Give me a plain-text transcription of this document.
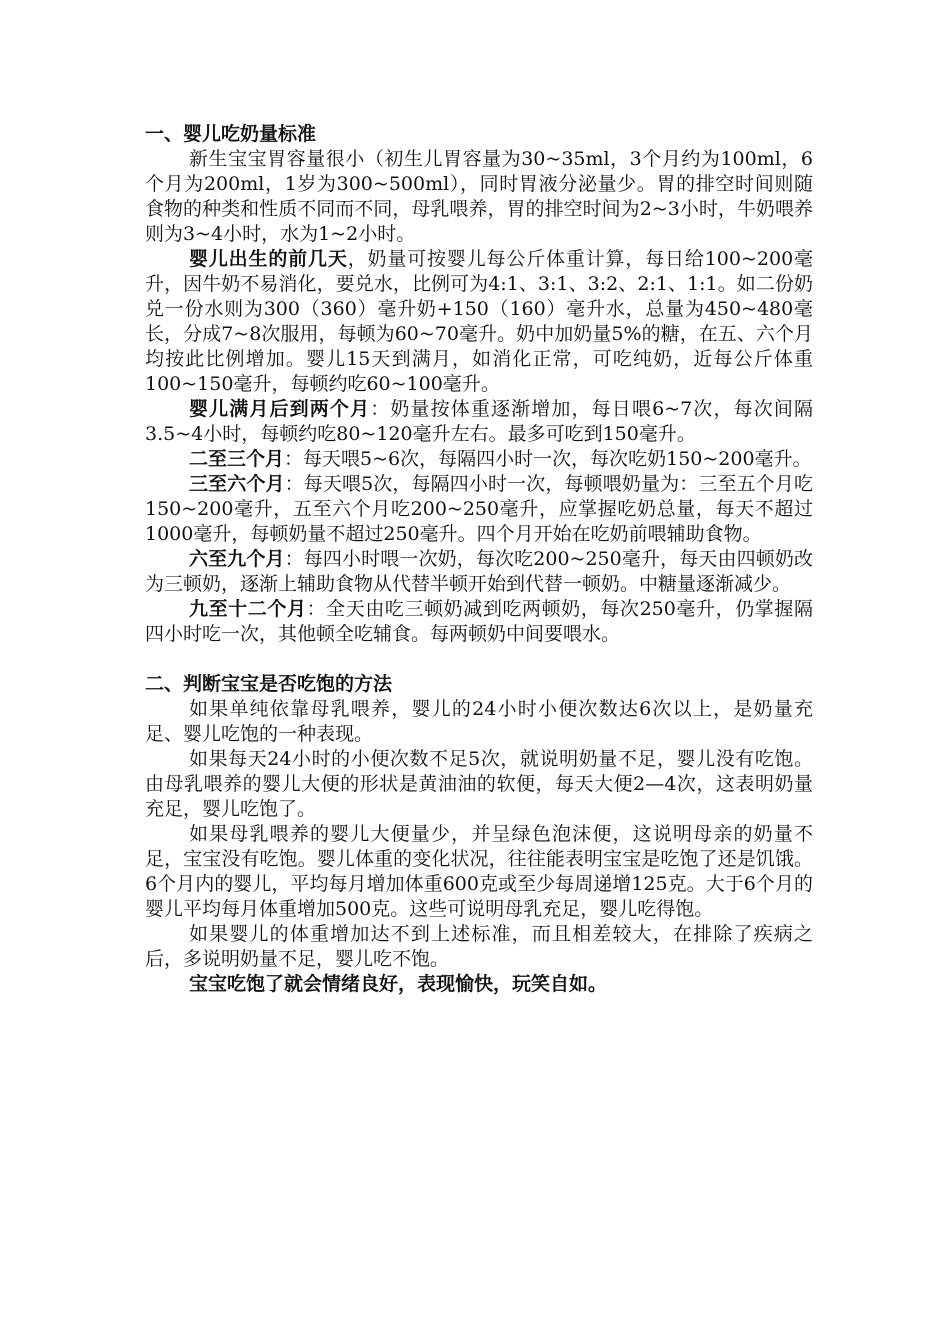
一、婴儿吃奶量标准

新生宝宝胃容量很小（初生儿胃容量为30~35ml，3个月约为100ml，6个月为200ml，1岁为300~500ml），同时胃液分泌量少。胃的排空时间则随食物的种类和性质不同而不同，母乳喂养，胃的排空时间为2~3小时，牛奶喂养则为3~4小时，水为1~2小时。

婴儿出生的前几天，奶量可按婴儿每公斤体重计算，每日给100~200毫升，因牛奶不易消化，要兑水，比例可为4:1、3:1、3:2、2:1、1:1。如二份奶兑一份水则为300（360）毫升奶+150（160）毫升水，总量为450~480毫长，分成7~8次服用，每顿为60~70毫升。奶中加奶量5%的糖，在五、六个月均按此比例增加。婴儿15天到满月，如消化正常，可吃纯奶，近每公斤体重100~150毫升，每顿约吃60~100毫升。

婴儿满月后到两个月：奶量按体重逐渐增加，每日喂6~7次，每次间隔3.5~4小时，每顿约吃80~120毫升左右。最多可吃到150毫升。

二至三个月：每天喂5~6次，每隔四小时一次，每次吃奶150~200毫升。

三至六个月：每天喂5次，每隔四小时一次，每顿喂奶量为：三至五个月吃150~200毫升，五至六个月吃200~250毫升，应掌握吃奶总量，每天不超过1000毫升，每顿奶量不超过250毫升。四个月开始在吃奶前喂辅助食物。

六至九个月：每四小时喂一次奶，每次吃200~250毫升，每天由四顿奶改为三顿奶，逐渐上辅助食物从代替半顿开始到代替一顿奶。中糖量逐渐减少。

九至十二个月：全天由吃三顿奶减到吃两顿奶，每次250毫升，仍掌握隔四小时吃一次，其他顿全吃辅食。每两顿奶中间要喂水。

二、判断宝宝是否吃饱的方法

如果单纯依靠母乳喂养，婴儿的24小时小便次数达6次以上，是奶量充足、婴儿吃饱的一种表现。

如果每天24小时的小便次数不足5次，就说明奶量不足，婴儿没有吃饱。由母乳喂养的婴儿大便的形状是黄油油的软便，每天大便2—4次，这表明奶量充足，婴儿吃饱了。

如果母乳喂养的婴儿大便量少，并呈绿色泡沫便，这说明母亲的奶量不足，宝宝没有吃饱。婴儿体重的变化状况，往往能表明宝宝是吃饱了还是饥饿。6个月内的婴儿，平均每月增加体重600克或至少每周递增125克。大于6个月的婴儿平均每月体重增加500克。这些可说明母乳充足，婴儿吃得饱。

如果婴儿的体重增加达不到上述标准，而且相差较大，在排除了疾病之后，多说明奶量不足，婴儿吃不饱。

宝宝吃饱了就会情绪良好，表现愉快，玩笑自如。
